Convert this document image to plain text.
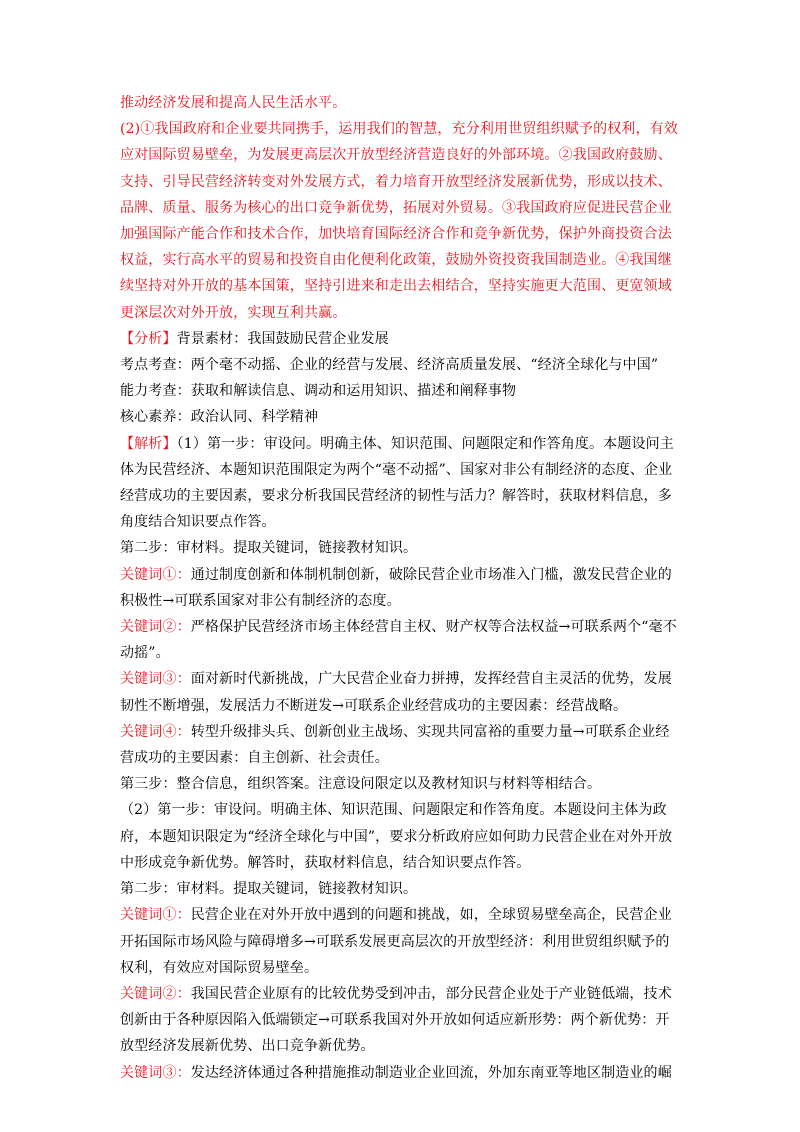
推动经济发展和提高人民生活水平。

(2)①我国政府和企业要共同携手，运用我们的智慧，充分利用世贸组织赋予的权利，有效应对国际贸易壁垒，为发展更高层次开放型经济营造良好的外部环境。②我国政府鼓励、支持、引导民营经济转变对外发展方式，着力培育开放型经济发展新优势，形成以技术、品牌、质量、服务为核心的出口竞争新优势，拓展对外贸易。③我国政府应促进民营企业加强国际产能合作和技术合作，加快培育国际经济合作和竞争新优势，保护外商投资合法权益，实行高水平的贸易和投资自由化便利化政策，鼓励外资投资我国制造业。④我国继续坚持对外开放的基本国策，坚持引进来和走出去相结合，坚持实施更大范围、更宽领域更深层次对外开放，实现互利共赢。

【分析】背景素材：我国鼓励民营企业发展

考点考查：两个毫不动摇、企业的经营与发展、经济高质量发展、“经济全球化与中国”

能力考查：获取和解读信息、调动和运用知识、描述和阐释事物

核心素养：政治认同、科学精神

【解析】（1）第一步：审设问。明确主体、知识范围、问题限定和作答角度。本题设问主体为民营经济、本题知识范围限定为两个“毫不动摇”、国家对非公有制经济的态度、企业经营成功的主要因素，要求分析我国民营经济的韧性与活力？解答时，获取材料信息，多角度结合知识要点作答。

第二步：审材料。提取关键词，链接教材知识。

关键词①：通过制度创新和体制机制创新，破除民营企业市场准入门槛，激发民营企业的积极性→可联系国家对非公有制经济的态度。

关键词②：严格保护民营经济市场主体经营自主权、财产权等合法权益→可联系两个“毫不动摇”。

关键词③：面对新时代新挑战，广大民营企业奋力拼搏，发挥经营自主灵活的优势，发展韧性不断增强，发展活力不断迸发→可联系企业经营成功的主要因素：经营战略。

关键词④：转型升级排头兵、创新创业主战场、实现共同富裕的重要力量→可联系企业经营成功的主要因素：自主创新、社会责任。

第三步：整合信息，组织答案。注意设问限定以及教材知识与材料等相结合。

（2）第一步：审设问。明确主体、知识范围、问题限定和作答角度。本题设问主体为政府，本题知识限定为“经济全球化与中国”，要求分析政府应如何助力民营企业在对外开放中形成竞争新优势。解答时，获取材料信息，结合知识要点作答。

第二步：审材料。提取关键词，链接教材知识。

关键词①：民营企业在对外开放中遇到的问题和挑战，如，全球贸易壁垒高企，民营企业开拓国际市场风险与障碍增多→可联系发展更高层次的开放型经济：利用世贸组织赋予的权利，有效应对国际贸易壁垒。

关键词②：我国民营企业原有的比较优势受到冲击，部分民营企业处于产业链低端，技术创新由于各种原因陷入低端锁定→可联系我国对外开放如何适应新形势：两个新优势：开放型经济发展新优势、出口竞争新优势。

关键词③：发达经济体通过各种措施推动制造业企业回流，外加东南亚等地区制造业的崛
